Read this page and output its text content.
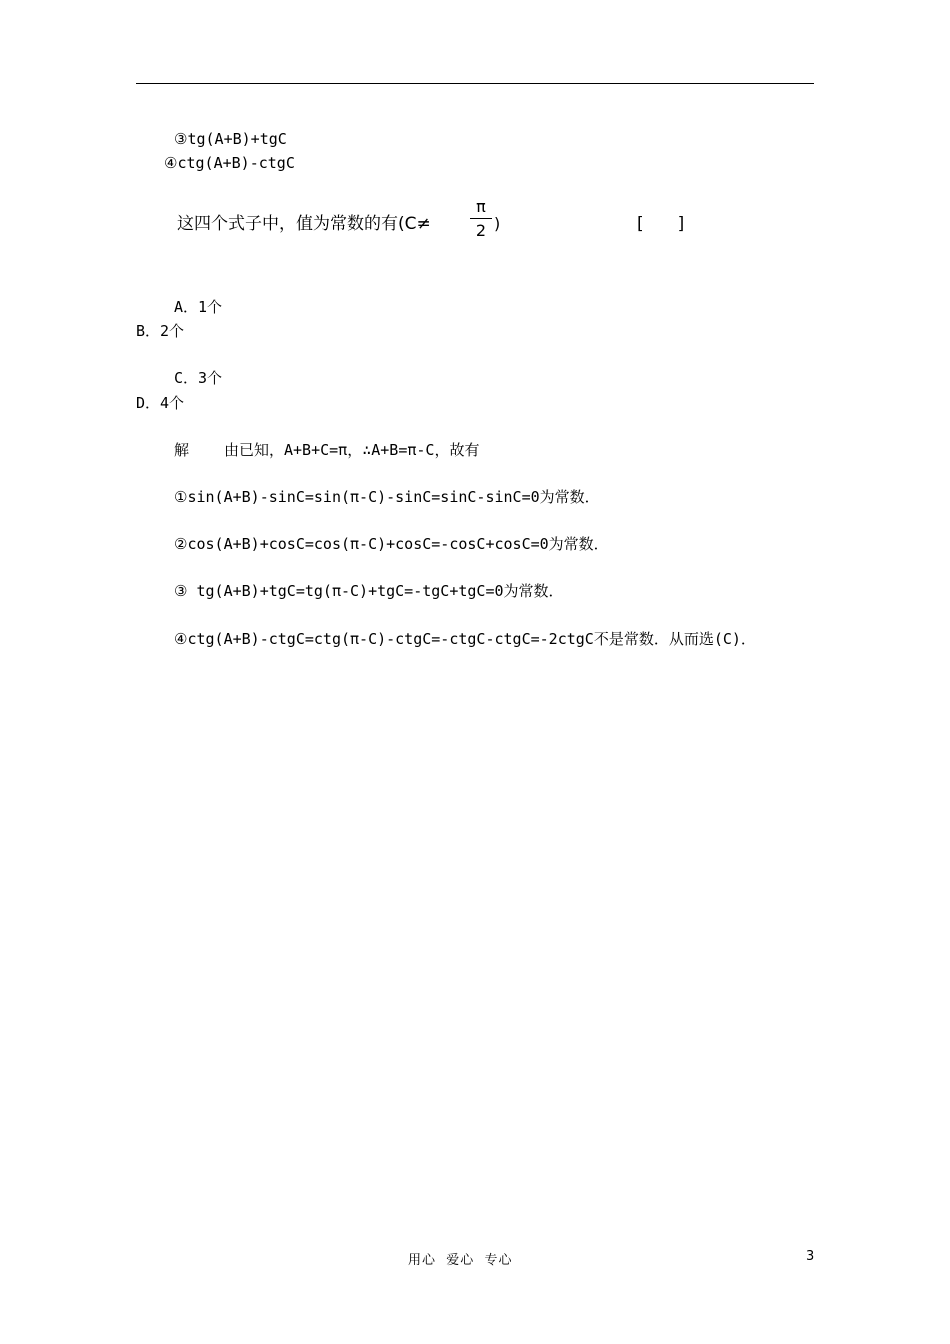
③tg(A+B)+tgC
④ctg(A+B)-ctgC
这四个式子中，值为常数的有(C≠
π
2 )	[　　]
A．1个
B．2个
C．3个
D．4个
解 由已知，A+B+C=π，∴A+B=π-C，故有
①sin(A+B)-sinC=sin(π-C)-sinC=sinC-sinC=0为常数．
②cos(A+B)+cosC=cos(π-C)+cosC=-cosC+cosC=0为常数．
③ tg(A+B)+tgC=tg(π-C)+tgC=-tgC+tgC=0为常数．
④ctg(A+B)-ctgC=ctg(π-C)-ctgC=-ctgC-ctgC=-2ctgC不是常数．从而选(C)．
用心  爱心  专心	3
